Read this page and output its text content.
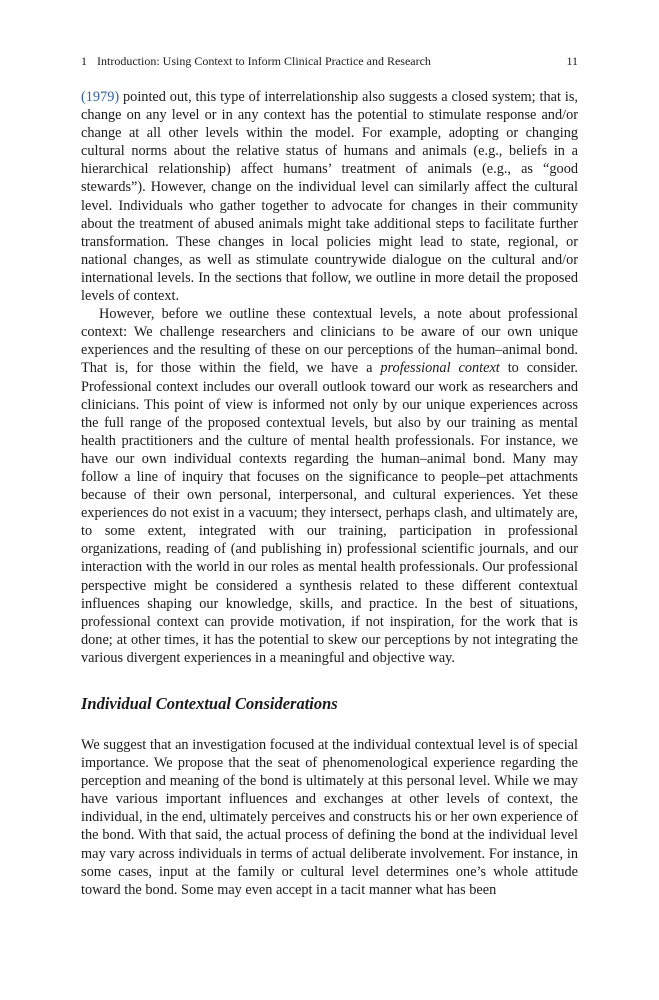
1 Introduction: Using Context to Inform Clinical Practice and Research	11

(1979) pointed out, this type of interrelationship also suggests a closed system; that is, change on any level or in any context has the potential to stimulate response and/or change at all other levels within the model. For example, adopting or changing cultural norms about the relative status of humans and animals (e.g., beliefs in a hierarchical relationship) affect humans’ treatment of animals (e.g., as “good stewards”). However, change on the individual level can similarly affect the cultural level. Individuals who gather together to advocate for changes in their community about the treatment of abused animals might take additional steps to facilitate further transformation. These changes in local policies might lead to state, regional, or national changes, as well as stimulate countrywide dialogue on the cultural and/or international levels. In the sections that follow, we outline in more detail the proposed levels of context.

However, before we outline these contextual levels, a note about professional context: We challenge researchers and clinicians to be aware of our own unique experiences and the resulting of these on our perceptions of the human–animal bond. That is, for those within the field, we have a professional context to consider. Professional context includes our overall outlook toward our work as researchers and clinicians. This point of view is informed not only by our unique experiences across the full range of the proposed contextual levels, but also by our training as mental health practitioners and the culture of mental health professionals. For instance, we have our own individual contexts regarding the human–animal bond. Many may follow a line of inquiry that focuses on the significance to people–pet attachments because of their own personal, interpersonal, and cultural experiences. Yet these experiences do not exist in a vacuum; they intersect, perhaps clash, and ultimately are, to some extent, integrated with our training, participation in professional organizations, reading of (and publishing in) professional scientific journals, and our interaction with the world in our roles as mental health professionals. Our professional perspective might be considered a synthesis related to these different contextual influences shaping our knowledge, skills, and practice. In the best of situations, professional context can provide motivation, if not inspiration, for the work that is done; at other times, it has the potential to skew our perceptions by not integrating the various divergent experiences in a meaningful and objective way.

Individual Contextual Considerations

We suggest that an investigation focused at the individual contextual level is of special importance. We propose that the seat of phenomenological experience regarding the perception and meaning of the bond is ultimately at this personal level. While we may have various important influences and exchanges at other levels of context, the individual, in the end, ultimately perceives and constructs his or her own experience of the bond. With that said, the actual process of defining the bond at the individual level may vary across individuals in terms of actual deliberate involvement. For instance, in some cases, input at the family or cultural level determines one’s whole attitude toward the bond. Some may even accept in a tacit manner what has been
